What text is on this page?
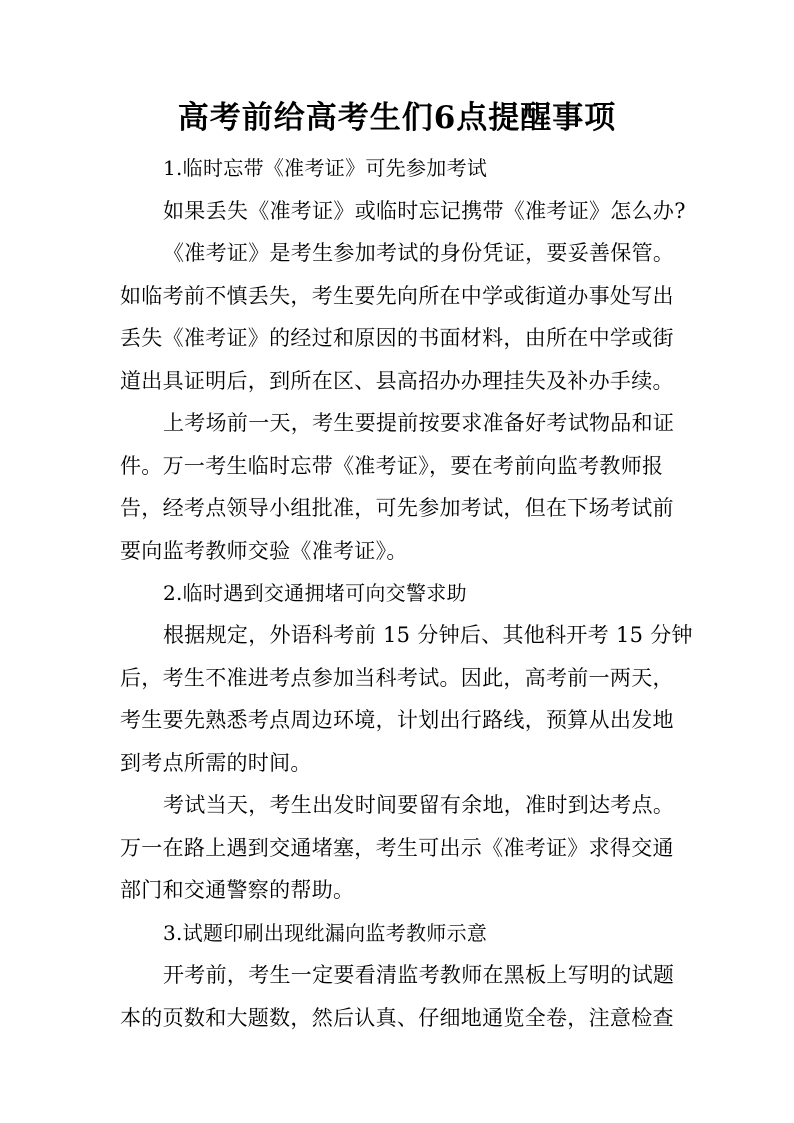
高考前给高考生们6点提醒事项
1.临时忘带《准考证》可先参加考试
如果丢失《准考证》或临时忘记携带《准考证》怎么办?
《准考证》是考生参加考试的身份凭证，要妥善保管。
如临考前不慎丢失，考生要先向所在中学或街道办事处写出
丢失《准考证》的经过和原因的书面材料，由所在中学或街
道出具证明后，到所在区、县高招办办理挂失及补办手续。
上考场前一天，考生要提前按要求准备好考试物品和证
件。万一考生临时忘带《准考证》，要在考前向监考教师报
告，经考点领导小组批准，可先参加考试，但在下场考试前
要向监考教师交验《准考证》。
2.临时遇到交通拥堵可向交警求助
根据规定，外语科考前 15 分钟后、其他科开考 15 分钟
后，考生不准进考点参加当科考试。因此，高考前一两天，
考生要先熟悉考点周边环境，计划出行路线，预算从出发地
到考点所需的时间。
考试当天，考生出发时间要留有余地，准时到达考点。
万一在路上遇到交通堵塞，考生可出示《准考证》求得交通
部门和交通警察的帮助。
3.试题印刷出现纰漏向监考教师示意
开考前，考生一定要看清监考教师在黑板上写明的试题
本的页数和大题数，然后认真、仔细地通览全卷，注意检查
